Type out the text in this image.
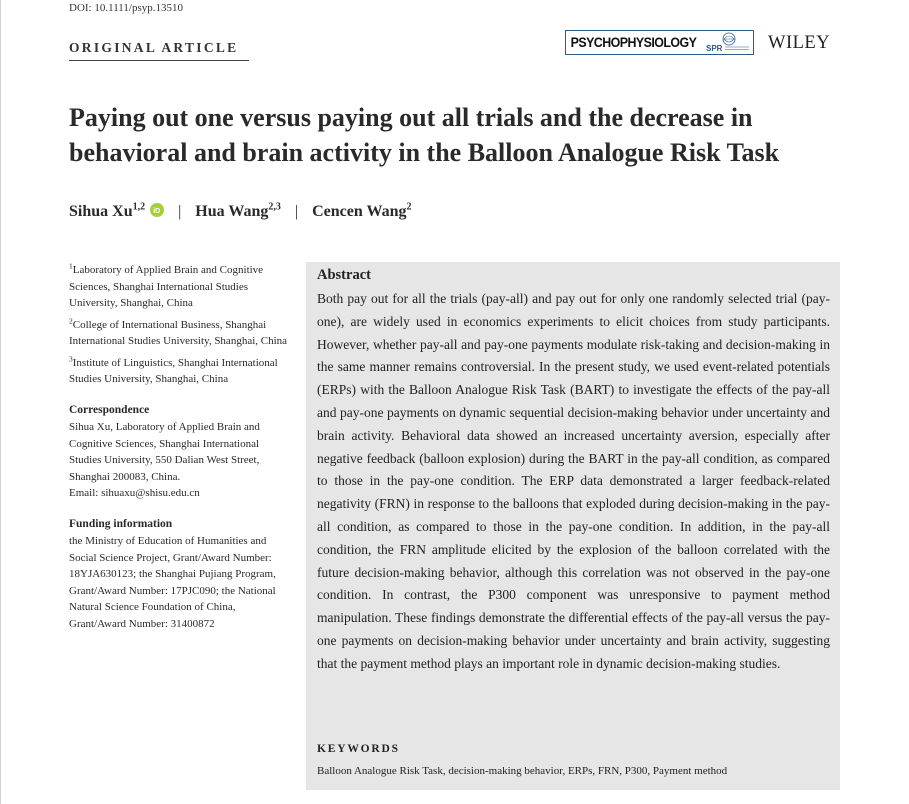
DOI: 10.1111/psyp.13510
ORIGINAL ARTICLE	PSYCHOPHYSIOLOGY SPR WILEY
Paying out one versus paying out all trials and the decrease in behavioral and brain activity in the Balloon Analogue Risk Task
Sihua Xu$^{1,2}$ iD | Hua Wang$^{2,3}$ | Cencen Wang$^2$
$^1$Laboratory of Applied Brain and Cognitive Sciences, Shanghai International Studies University, Shanghai, China
$^2$College of International Business, Shanghai International Studies University, Shanghai, China
$^3$Institute of Linguistics, Shanghai International Studies University, Shanghai, China
Correspondence

Sihua Xu, Laboratory of Applied Brain and Cognitive Sciences, Shanghai International Studies University, 550 Dalian West Street, Shanghai 200083, China.

Email: sihuaxu@shisu.edu.cn

Funding information

the Ministry of Education of Humanities and Social Science Project, Grant/Award Number: 18YJA630123; the Shanghai Pujiang Program, Grant/Award Number: 17PJC090; the National Natural Science Foundation of China, Grant/Award Number: 31400872

Abstract

Both pay out for all the trials (pay-all) and pay out for only one randomly selected trial (pay-one), are widely used in economics experiments to elicit choices from study participants. However, whether pay-all and pay-one payments modulate risk-taking and decision-making in the same manner remains controversial. In the present study, we used event-related potentials (ERPs) with the Balloon Analogue Risk Task (BART) to investigate the effects of the pay-all and pay-one payments on dynamic sequential decision-making behavior under uncertainty and brain activity. Behavioral data showed an increased uncertainty aversion, especially after negative feedback (balloon explosion) during the BART in the pay-all condition, as compared to those in the pay-one condition. The ERP data demonstrated a larger feedback-related negativity (FRN) in response to the balloons that exploded during decision-making in the pay-all condition, as compared to those in the pay-one condition. In addition, in the pay-all condition, the FRN amplitude elicited by the explosion of the balloon correlated with the future decision-making behavior, although this correlation was not observed in the pay-one condition. In contrast, the P300 component was unresponsive to payment method manipulation. These findings demonstrate the differential effects of the pay-all versus the pay-one payments on decision-making behavior under uncertainty and brain activity, suggesting that the payment method plays an important role in dynamic decision-making studies.

KEYWORDS
Balloon Analogue Risk Task, decision-making behavior, ERPs, FRN, P300, Payment method
